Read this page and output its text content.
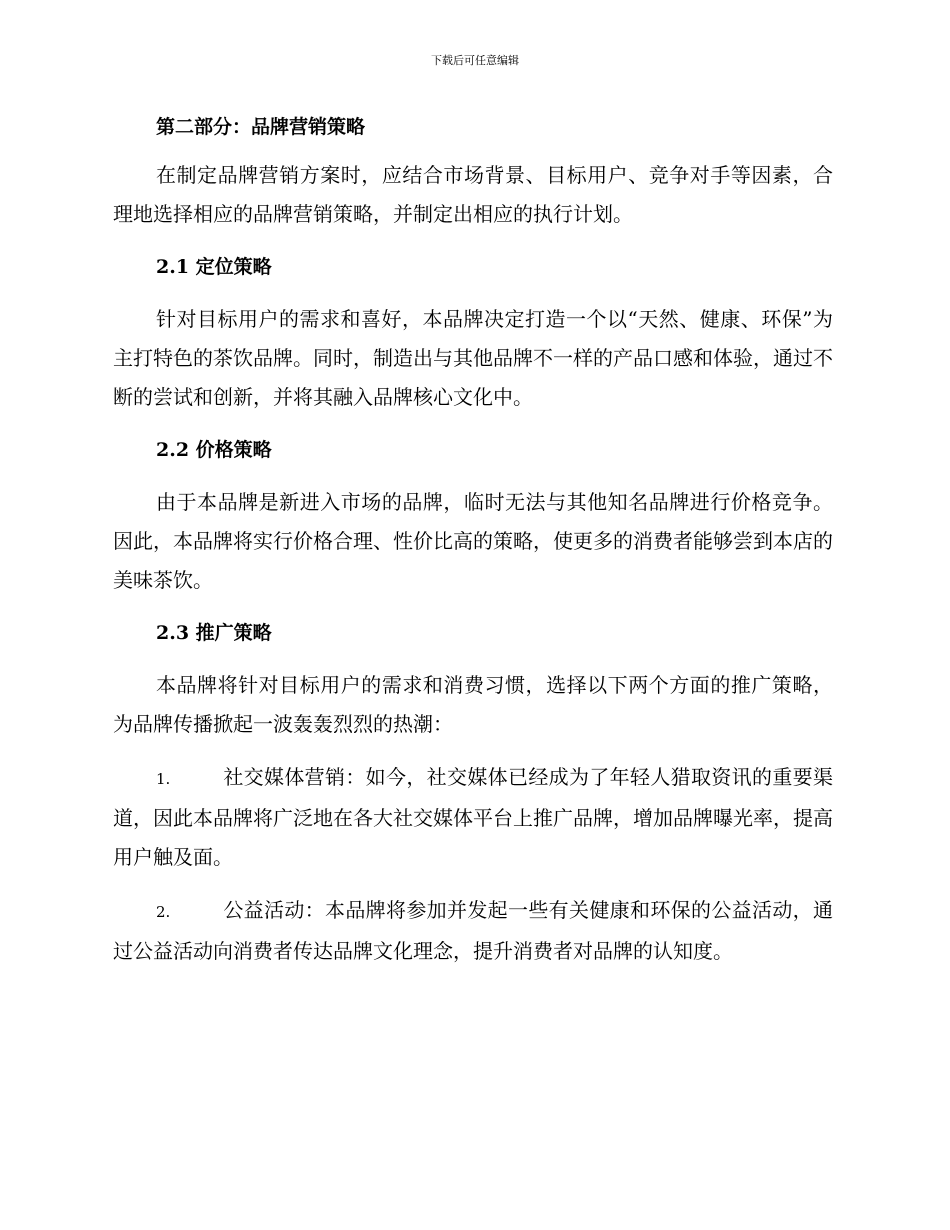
下载后可任意编辑
第二部分：品牌营销策略

在制定品牌营销方案时，应结合市场背景、目标用户、竞争对手等因素，合理地选择相应的品牌营销策略，并制定出相应的执行计划。

2.1 定位策略

针对目标用户的需求和喜好，本品牌决定打造一个以“天然、健康、环保”为主打特色的茶饮品牌。同时，制造出与其他品牌不一样的产品口感和体验，通过不断的尝试和创新，并将其融入品牌核心文化中。

2.2 价格策略

由于本品牌是新进入市场的品牌，临时无法与其他知名品牌进行价格竞争。因此，本品牌将实行价格合理、性价比高的策略，使更多的消费者能够尝到本店的美味茶饮。

2.3 推广策略

本品牌将针对目标用户的需求和消费习惯，选择以下两个方面的推广策略，为品牌传播掀起一波轰轰烈烈的热潮：

1.	社交媒体营销：如今，社交媒体已经成为了年轻人猎取资讯的重要渠道，因此本品牌将广泛地在各大社交媒体平台上推广品牌，增加品牌曝光率，提高用户触及面。

2.	公益活动：本品牌将参加并发起一些有关健康和环保的公益活动，通过公益活动向消费者传达品牌文化理念，提升消费者对品牌的认知度。
